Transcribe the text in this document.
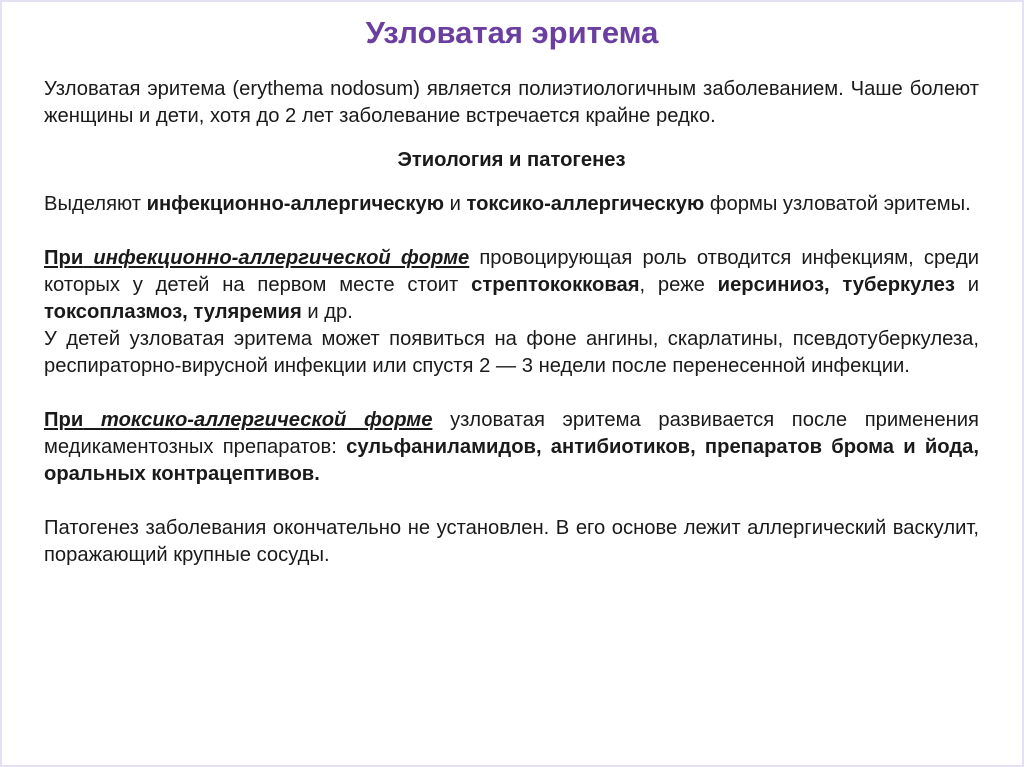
Узловатая эритема

Узловатая эритема (erythema nodosum) является полиэтиологичным заболеванием. Чаше болеют женщины и дети, хотя до 2 лет заболевание встречается крайне редко.

Этиология и патогенез

Выделяют инфекционно-аллергическую и токсико-аллергическую формы узловатой эритемы.

При инфекционно-аллергической форме провоцирующая роль отводится инфекциям, среди которых у детей на первом месте стоит стрептококковая, реже иерсиниоз, туберкулез и токсоплазмоз, туляремия и др.

У детей узловатая эритема может появиться на фоне ангины, скарлатины, псевдотуберкулеза, респираторно-вирусной инфекции или спустя 2 — 3 недели после перенесенной инфекции.

При токсико-аллергической форме узловатая эритема развивается после применения медикаментозных препаратов: сульфаниламидов, антибиотиков, препаратов брома и йода, оральных контрацептивов.

Патогенез заболевания окончательно не установлен. В его основе лежит аллергический васкулит, поражающий крупные сосуды.
